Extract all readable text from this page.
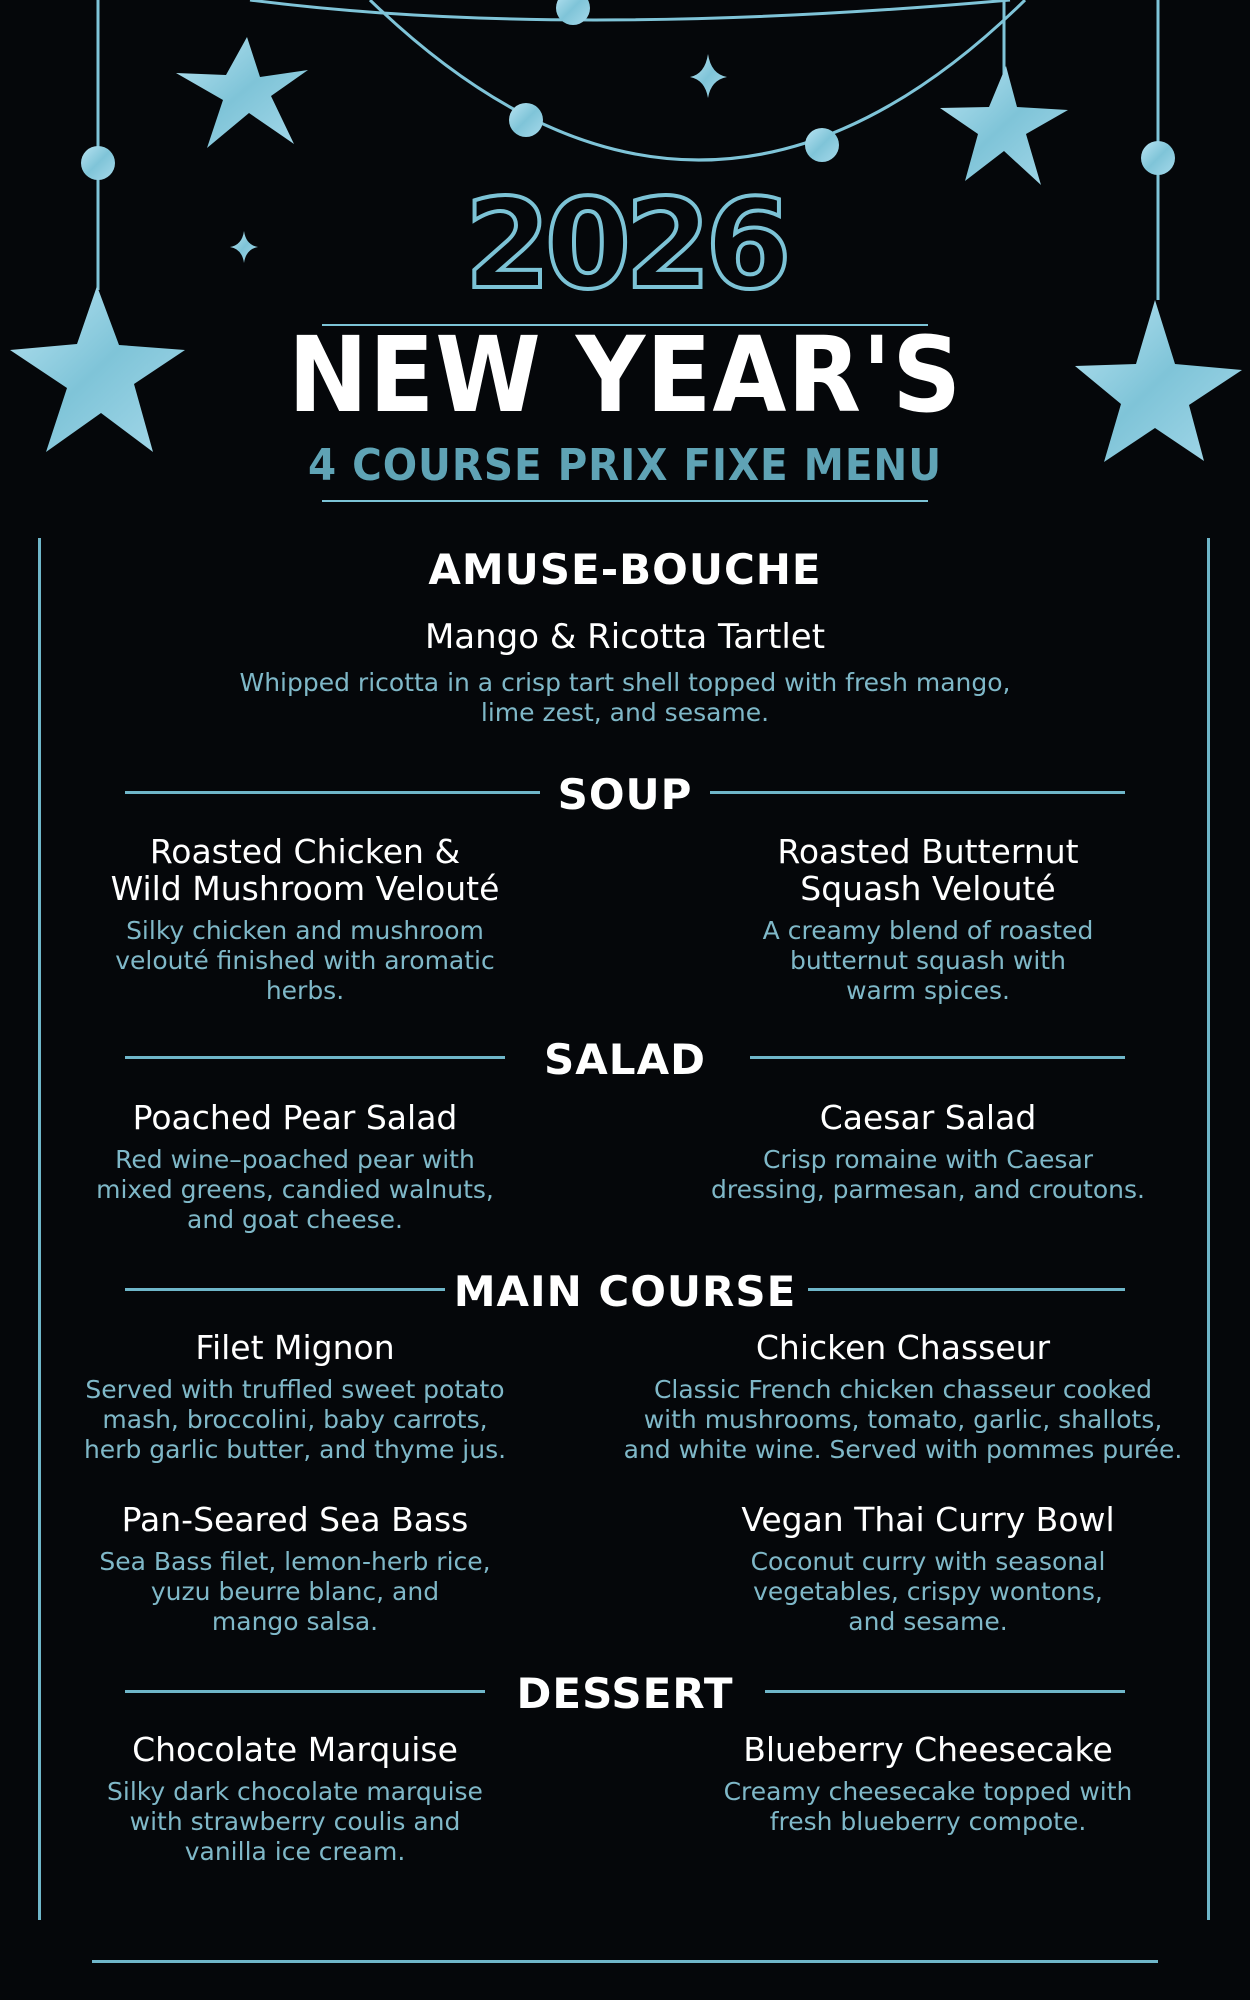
2026
NEW YEAR'S
4 COURSE PRIX FIXE MENU
AMUSE-BOUCHE
Mango & Ricotta Tartlet
Whipped ricotta in a crisp tart shell topped with fresh mango,
lime zest, and sesame.
SOUP
Roasted Chicken &
Wild Mushroom Velouté
Silky chicken and mushroom
velouté finished with aromatic
herbs.
Roasted Butternut
Squash Velouté
A creamy blend of roasted
butternut squash with
warm spices.
SALAD
Poached Pear Salad
Red wine–poached pear with
mixed greens, candied walnuts,
and goat cheese.
Caesar Salad
Crisp romaine with Caesar
dressing, parmesan, and croutons.
MAIN COURSE
Filet Mignon
Served with truffled sweet potato
mash, broccolini, baby carrots,
herb garlic butter, and thyme jus.
Chicken Chasseur
Classic French chicken chasseur cooked
with mushrooms, tomato, garlic, shallots,
and white wine. Served with pommes purée.
Pan-Seared Sea Bass
Sea Bass filet, lemon-herb rice,
yuzu beurre blanc, and
mango salsa.
Vegan Thai Curry Bowl
Coconut curry with seasonal
vegetables, crispy wontons,
and sesame.
DESSERT
Chocolate Marquise
Silky dark chocolate marquise
with strawberry coulis and
vanilla ice cream.
Blueberry Cheesecake
Creamy cheesecake topped with
fresh blueberry compote.
